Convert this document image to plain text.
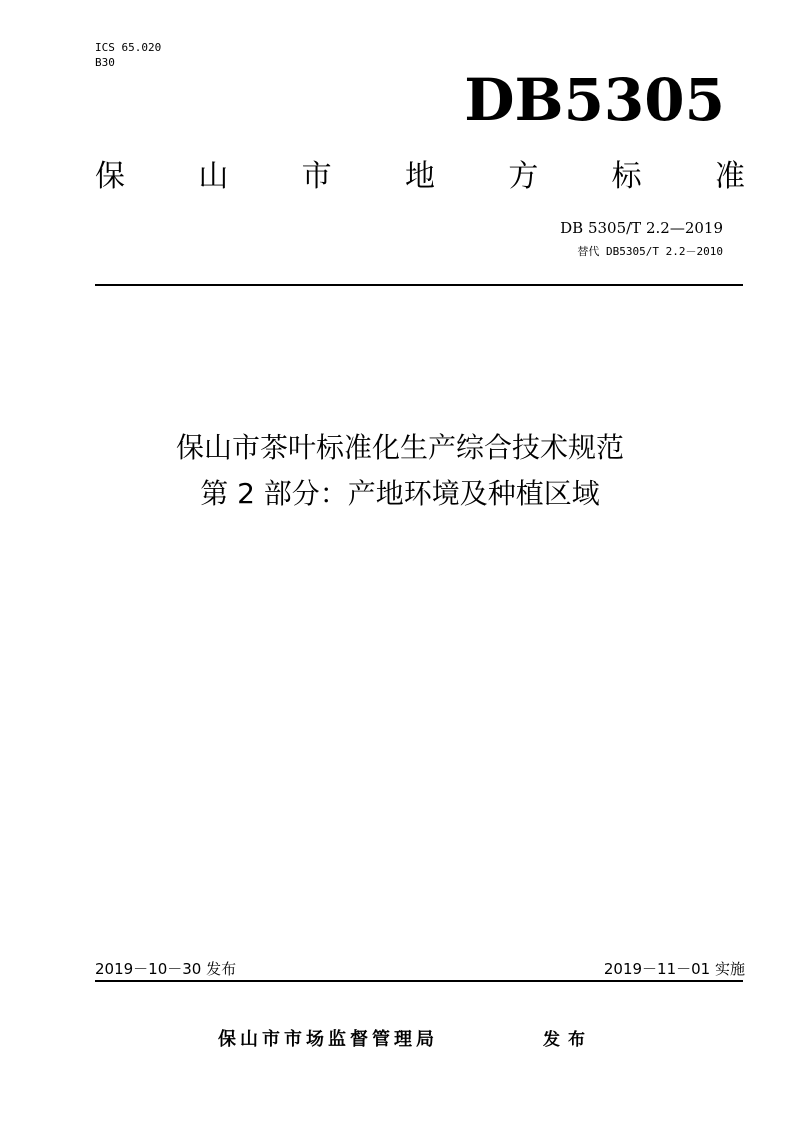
ICS 65.020
B30
DB5305
保 山 市 地 方 标 准
DB 5305/T 2.2—2019
替代 DB5305/T 2.2－2010
保山市茶叶标准化生产综合技术规范
第 2 部分：产地环境及种植区域
2019－10－30 发布	2019－11－01 实施
保山市市场监督管理局	发布
